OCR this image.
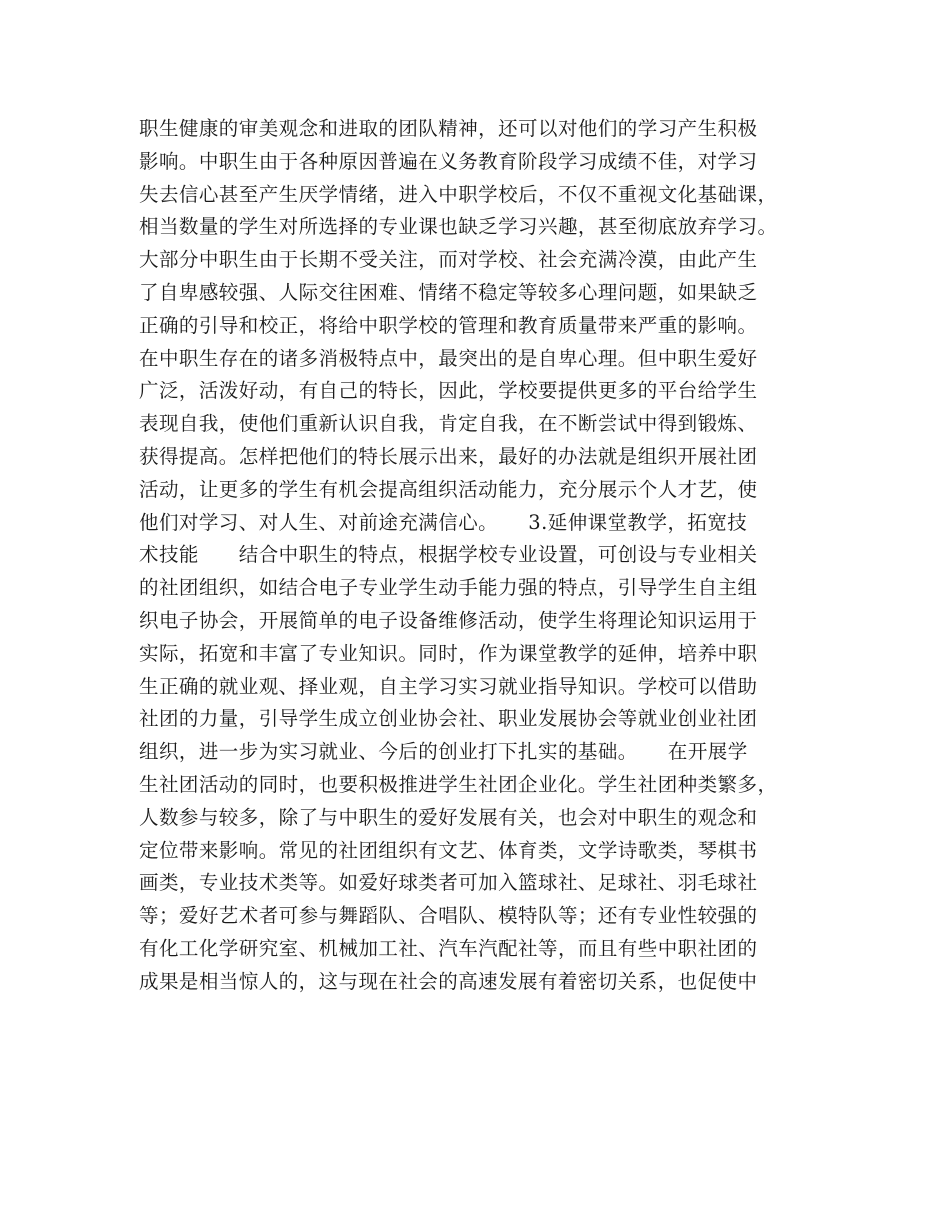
职生健康的审美观念和进取的团队精神，还可以对他们的学习产生积极
影响。中职生由于各种原因普遍在义务教育阶段学习成绩不佳，对学习
失去信心甚至产生厌学情绪，进入中职学校后，不仅不重视文化基础课，
相当数量的学生对所选择的专业课也缺乏学习兴趣，甚至彻底放弃学习。
大部分中职生由于长期不受关注，而对学校、社会充满冷漠，由此产生
了自卑感较强、人际交往困难、情绪不稳定等较多心理问题，如果缺乏
正确的引导和校正，将给中职学校的管理和教育质量带来严重的影响。
在中职生存在的诸多消极特点中，最突出的是自卑心理。但中职生爱好
广泛，活泼好动，有自己的特长，因此，学校要提供更多的平台给学生
表现自我，使他们重新认识自我，肯定自我，在不断尝试中得到锻炼、
获得提高。怎样把他们的特长展示出来，最好的办法就是组织开展社团
活动，让更多的学生有机会提高组织活动能力，充分展示个人才艺，使
他们对学习、对人生、对前途充满信心。　　3.延伸课堂教学，拓宽技
术技能　　结合中职生的特点，根据学校专业设置，可创设与专业相关
的社团组织，如结合电子专业学生动手能力强的特点，引导学生自主组
织电子协会，开展简单的电子设备维修活动，使学生将理论知识运用于
实际，拓宽和丰富了专业知识。同时，作为课堂教学的延伸，培养中职
生正确的就业观、择业观，自主学习实习就业指导知识。学校可以借助
社团的力量，引导学生成立创业协会社、职业发展协会等就业创业社团
组织，进一步为实习就业、今后的创业打下扎实的基础。　　在开展学
生社团活动的同时，也要积极推进学生社团企业化。学生社团种类繁多，
人数参与较多，除了与中职生的爱好发展有关，也会对中职生的观念和
定位带来影响。常见的社团组织有文艺、体育类，文学诗歌类，琴棋书
画类，专业技术类等。如爱好球类者可加入篮球社、足球社、羽毛球社
等；爱好艺术者可参与舞蹈队、合唱队、模特队等；还有专业性较强的
有化工化学研究室、机械加工社、汽车汽配社等，而且有些中职社团的
成果是相当惊人的，这与现在社会的高速发展有着密切关系，也促使中
